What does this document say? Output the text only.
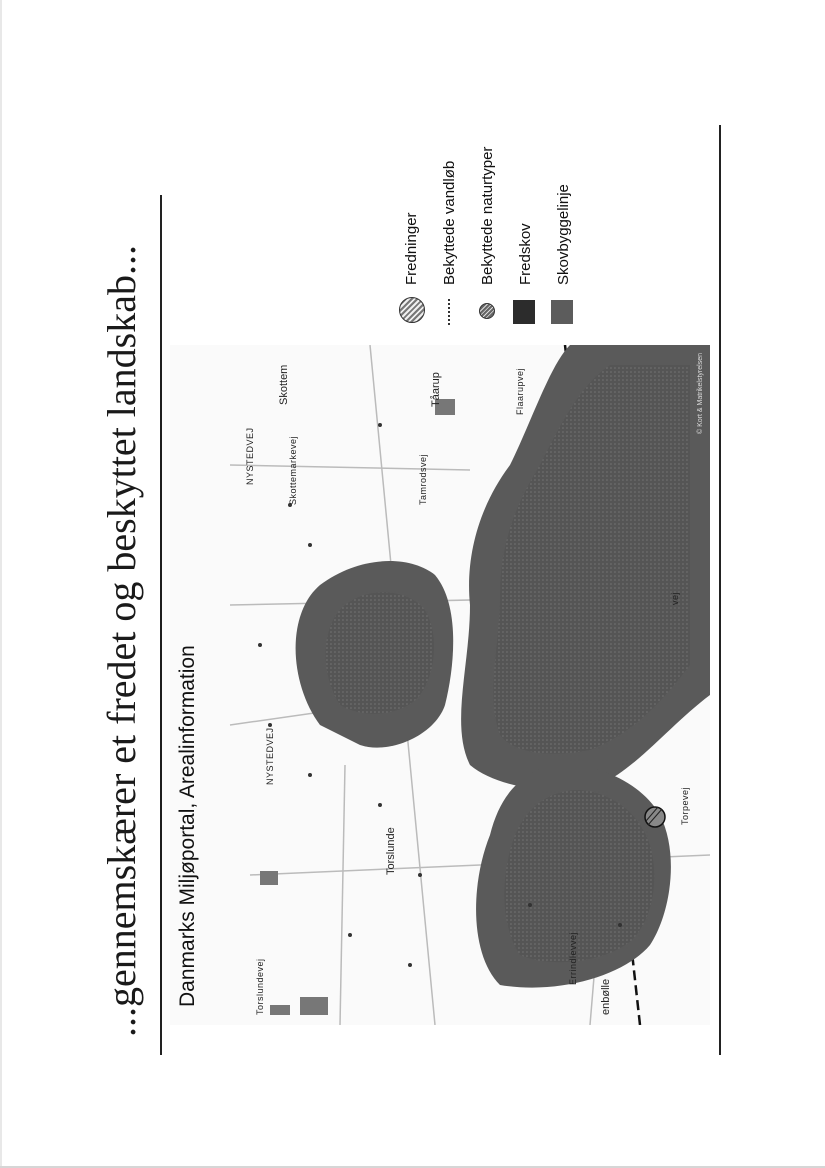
...gennemskærer et fredet og beskyttet landskab... Danmarks Miljøportal, Arealinformation	Torslunde
Skottem	Tåarup
enbølle
Torslundevej
NYSTEDVEJ
NYSTEDVEJ	Skottemarkevej
Errindlevvej
Torpevej
Tamrodsvej
Flaarupvej
vej
© Kort & Matrikelstyrelsen
Fredninger Bekyttede vandløb Bekyttede naturtyper Fredskov Skovbyggelinje
